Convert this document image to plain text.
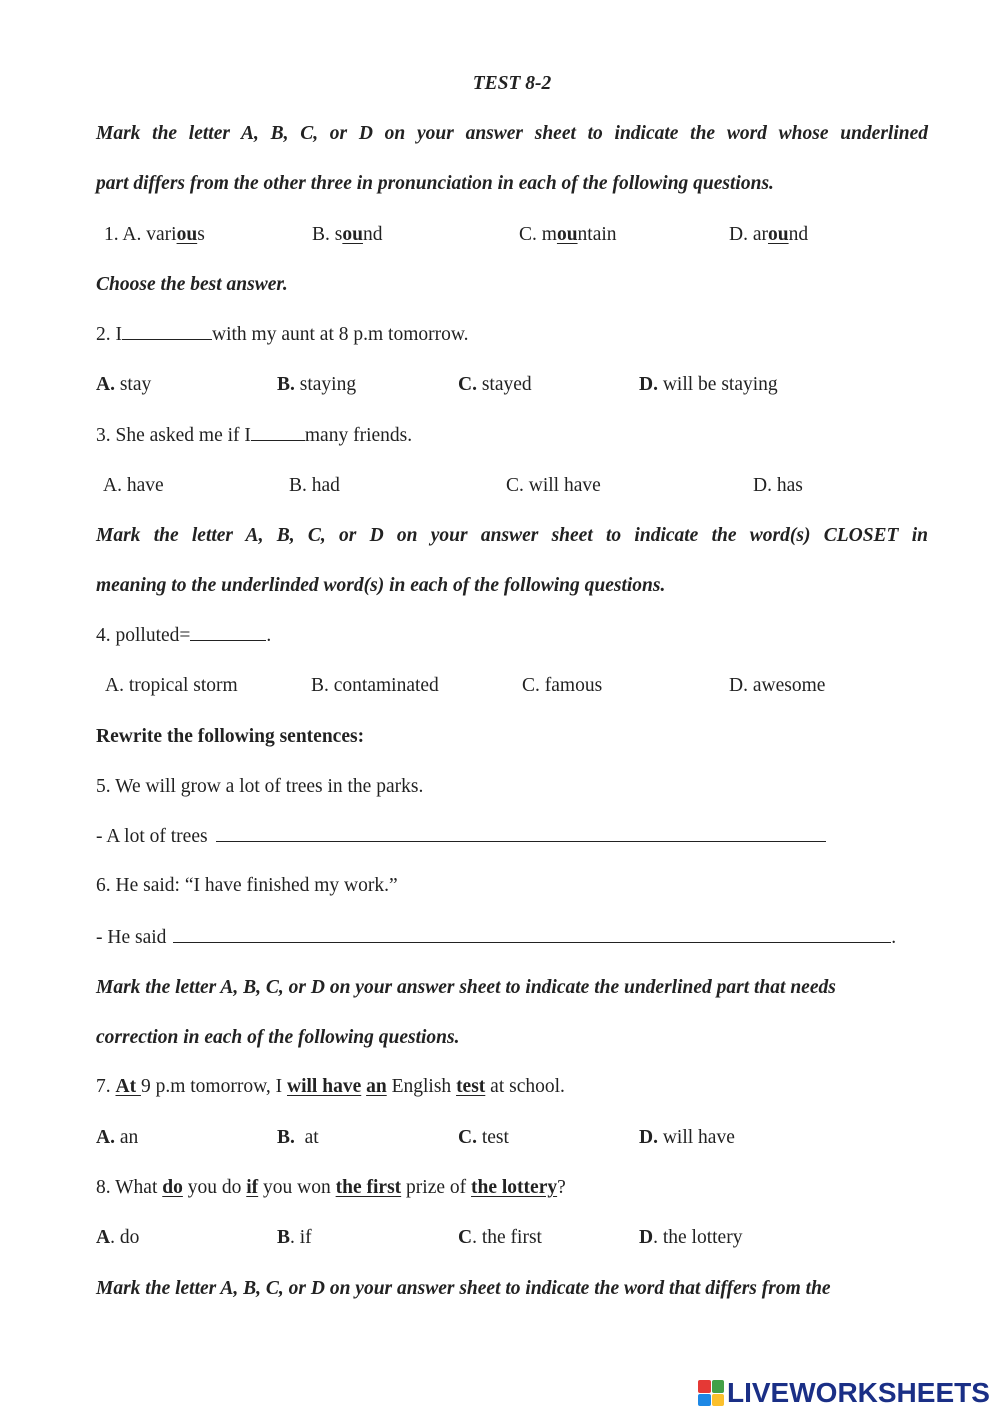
TEST 8-2
Mark the letter A, B, C, or D on your answer sheet to indicate the word whose underlined
part differs from the other three in pronunciation in each of the following questions.
1. A. various	B. sound	C. mountain	D. around
Choose the best answer.
2. I	with my aunt at 8 p.m tomorrow.
A. stay	B. staying	C. stayed	D. will be staying
3. She asked me if I	many friends.
A. have	B. had	C. will have	D. has
Mark the letter A, B, C, or D on your answer sheet to indicate the word(s) CLOSET in
meaning to the underlinded word(s) in each of the following questions.
4. polluted=	.
A. tropical storm	B. contaminated	C. famous	D. awesome
Rewrite the following sentences:
5. We will grow a lot of trees in the parks.
- A lot of trees
6. He said: “I have finished my work.”
- He said	.
Mark the letter A, B, C, or D on your answer sheet to indicate the underlined part that needs
correction in each of the following questions.
7. At 9 p.m tomorrow, I will have an English test at school.
A. an	B.  at	C. test	D. will have
8. What do you do if you won the first prize of the lottery?
A. do	B. if	C. the first	D. the lottery
Mark the letter A, B, C, or D on your answer sheet to indicate the word that differs from the
LIVEWORKSHEETS
